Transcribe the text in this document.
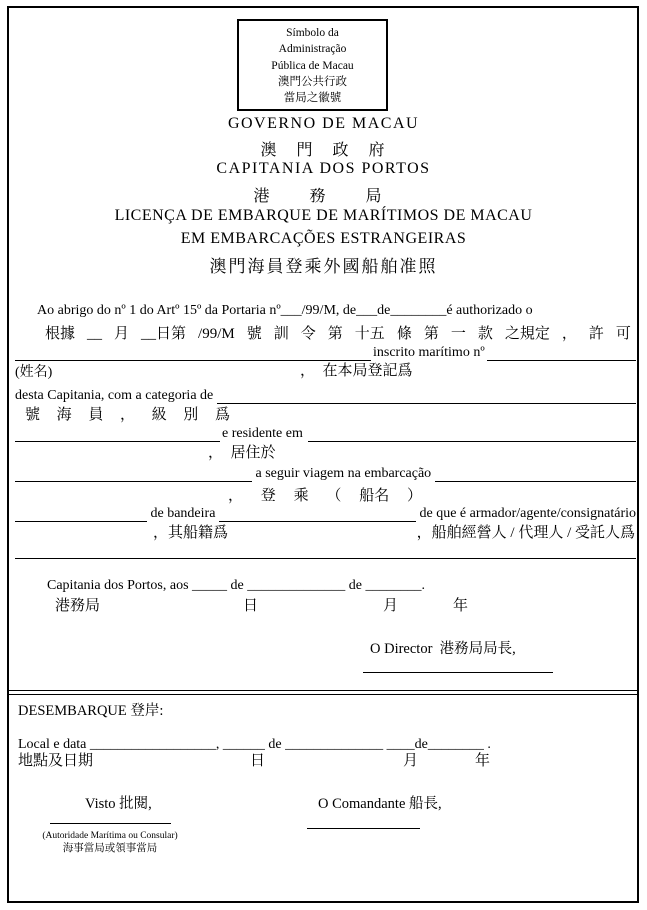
Símbolo da
Administração
Pública de Macau
澳門公共行政
當局之徽號
GOVERNO DE MACAU
澳　門　政　府
CAPITANIA DOS PORTOS
港　務　局
LICENÇA DE EMBARQUE DE MARÍTIMOS DE MACAU
EM EMBARCAÇÕES ESTRANGEIRAS
澳門海員登乘外國船舶准照
Ao abrigo do nº 1 do Artº 15º da Portaria nº___/99/M, de___de________é authorizado o
根據 __ 月 __日第 /99/M 號 訓 令 第 十五 條 第 一 款 之規定 ， 許 可
inscrito marítimo nº
(姓名)	，　在本局登記爲
desta Capitania, com a categoria de
號 海 員 ， 級 別 爲
e residente em
，　居住於
a seguir viagem na embarcação
， 登 乘 （ 船名 ）
de bandeira	de que é armador/agente/consignatário
，其船籍爲	，船舶經營人 / 代理人 / 受託人爲
Capitania dos Portos, aos _____ de ______________ de ________.
港務局	日	月	年
O Director  港務局局長,
DESEMBARQUE 登岸:
Local e data __________________, ______ de ______________ ____de________ .
地點及日期	日	月	年
Visto 批閱,	O Comandante 船長,
(Autoridade Marítima ou Consular)
海事當局或領事當局
